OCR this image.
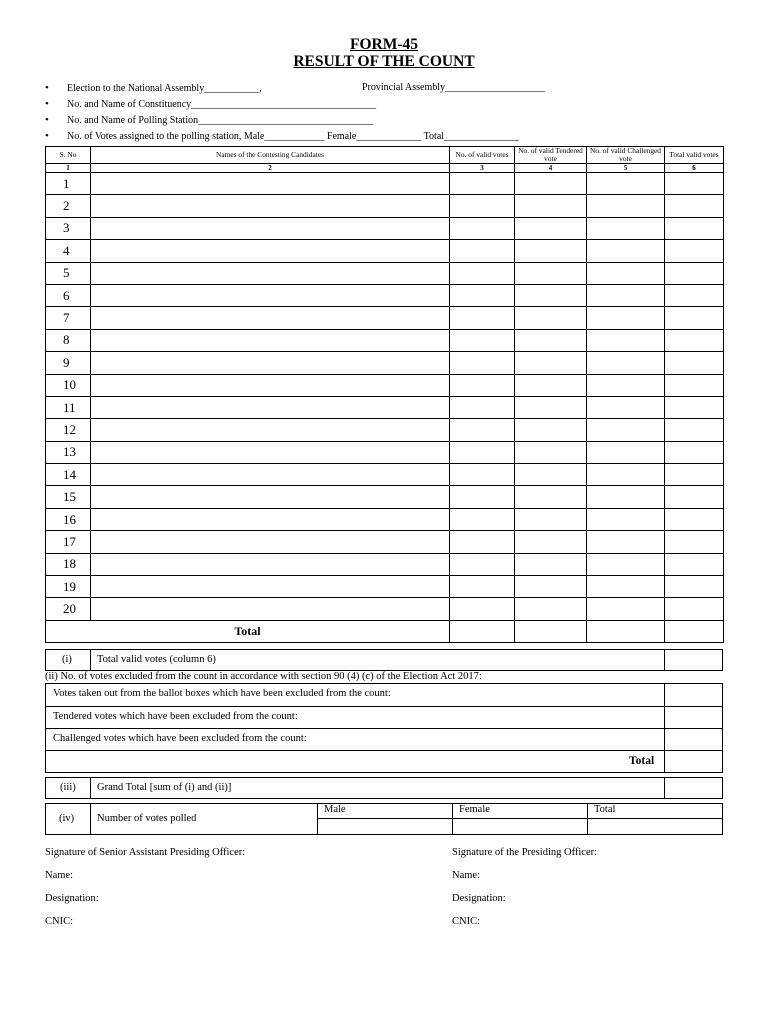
FORM-45
RESULT OF THE COUNT
• Election to the National Assembly___________,	Provincial Assembly____________________
• No. and Name of Constituency_____________________________________
• No. and Name of Polling Station___________________________________
• No. of Votes assigned to the polling station, Male____________ Female_____________ Total_______________
S. No	Names of the Contesting Candidates	No. of valid votes	No. of valid Tendered vote	No. of valid Challenged vote	Total valid votes
1	2	3	4	5	6
1					
2					
3					
4					
5					
6					
7					
8					
9					
10					
11					
12					
13					
14					
15					
16					
17					
18					
19					
20					
Total					
(i) Total valid votes (column 6)
(ii) No. of votes excluded from the count in accordance with section 90 (4) (c) of the Election Act 2017:
Votes taken out from the ballot boxes which have been excluded from the count:
Tendered votes which have been excluded from the count:
Challenged votes which have been excluded from the count:
Total
(iii) Grand Total [sum of (i) and (ii)]
(iv) Number of votes polled
Male	Female	Total
Signature of Senior Assistant Presiding Officer:
Name:
Designation:
CNIC:
Signature of the Presiding Officer:
Name:
Designation:
CNIC:
